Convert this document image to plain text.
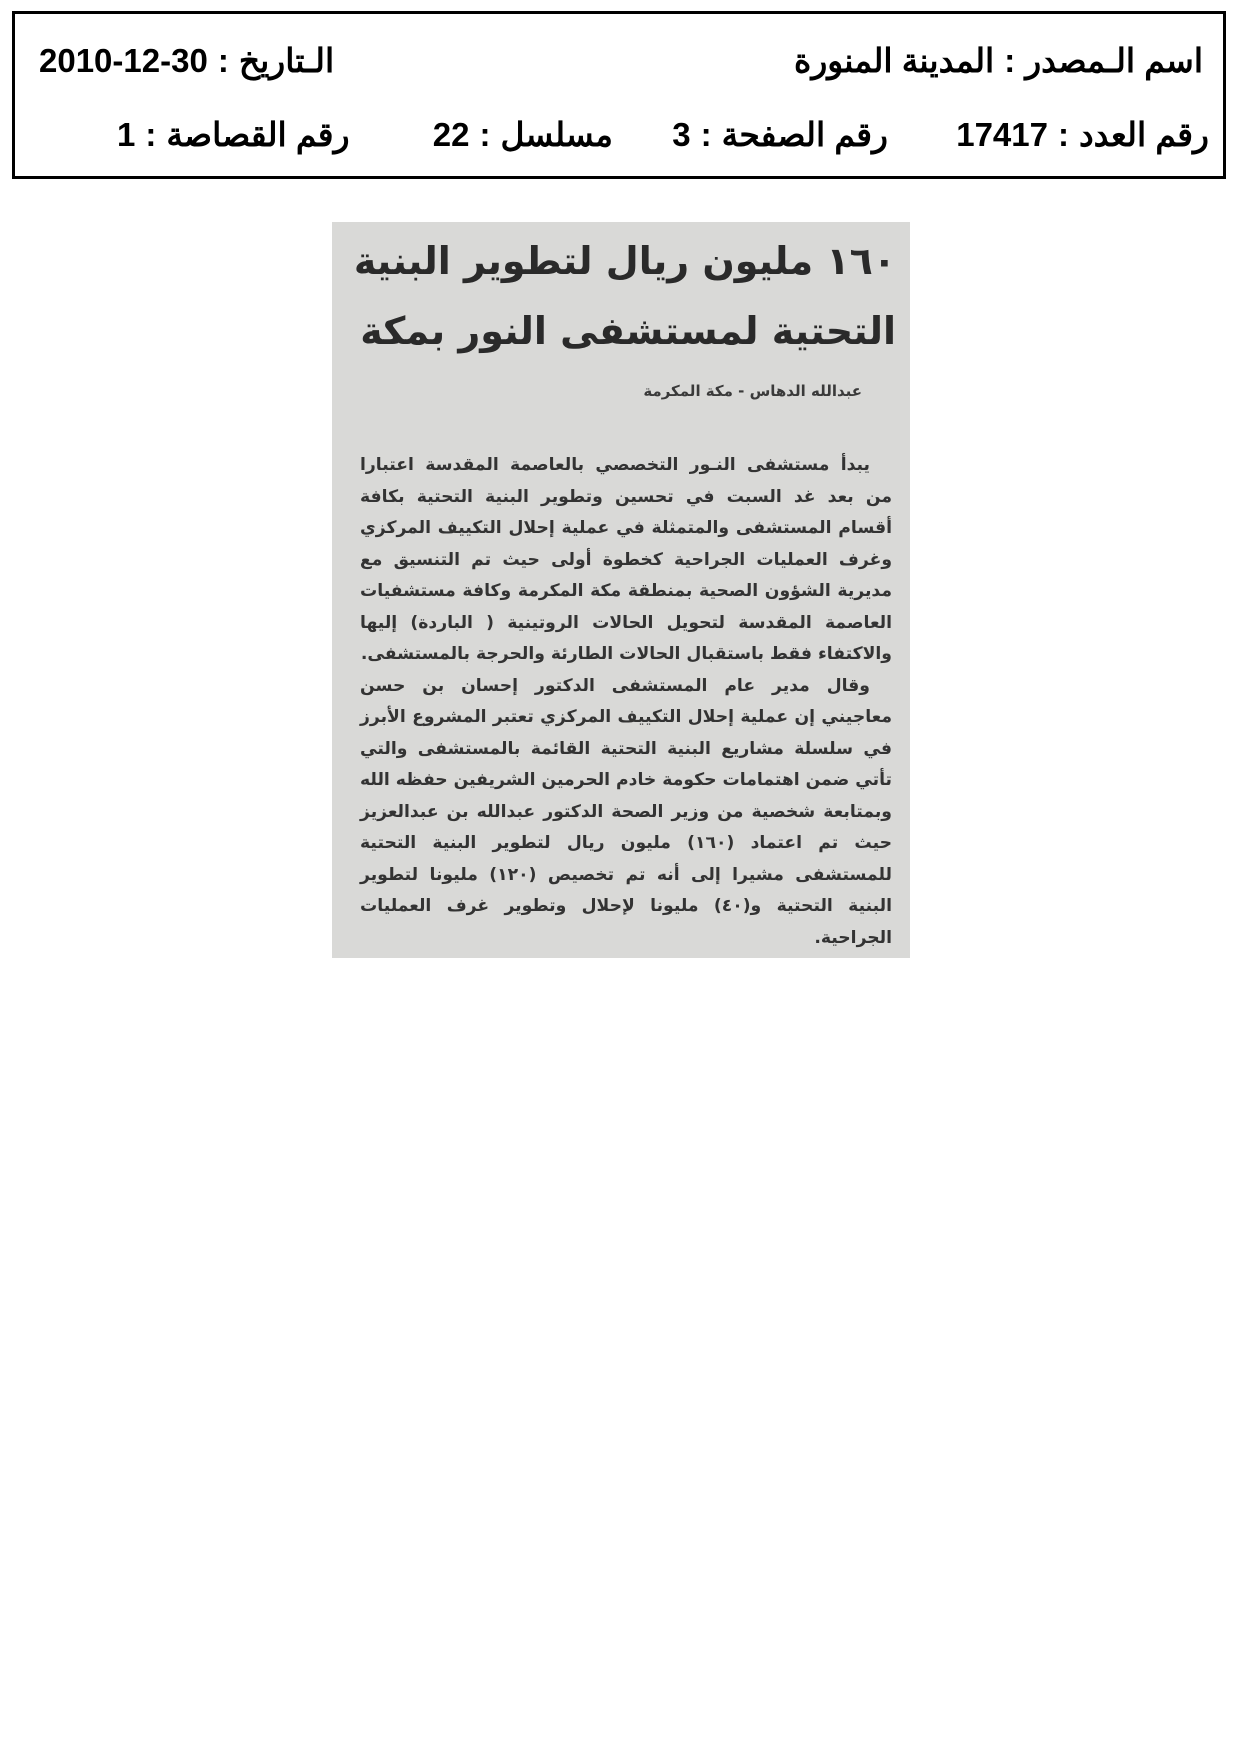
اسم الـمصدر:المدينة المنورة
الـتاريخ:2010-12-30
رقم العدد:17417
رقم الصفحة:3
مسلسل:22
رقم القصاصة:1
١٦٠ مليون ريال لتطوير البنية
التحتية لمستشفى النور بمكة
عبدالله الدهاس - مكة المكرمة

يبدأ مستشفى النـور التخصصي بالعاصمة المقدسة اعتبارا من بعد غد السبت في تحسين وتطوير البنية التحتية بكافة أقسام المستشفى والمتمثلة في عملية إحلال التكييف المركزي وغرف العمليات الجراحية كخطوة أولى حيث تم التنسيق مع مديرية الشؤون الصحية بمنطقة مكة المكرمة وكافة مستشفيات العاصمة المقدسة لتحويل الحالات الروتينية ( الباردة) إليها والاكتفاء فقط باستقبال الحالات الطارئة والحرجة بالمستشفى.

وقال مدير عام المستشفى الدكتور إحسان بن حسن معاجيني إن عملية إحلال التكييف المركزي تعتبر المشروع الأبرز في سلسلة مشاريع البنية التحتية القائمة بالمستشفى والتي تأتي ضمن اهتمامات حكومة خادم الحرمين الشريفين حفظه الله وبمتابعة شخصية من وزير الصحة الدكتور عبدالله بن عبدالعزيز حيث تم اعتماد (١٦٠) مليون ريال لتطوير البنية التحتية للمستشفى مشيرا إلى أنه تم تخصيص (١٢٠) مليونا لتطوير البنية التحتية و(٤٠) مليونا لإحلال وتطوير غرف العمليات الجراحية.
